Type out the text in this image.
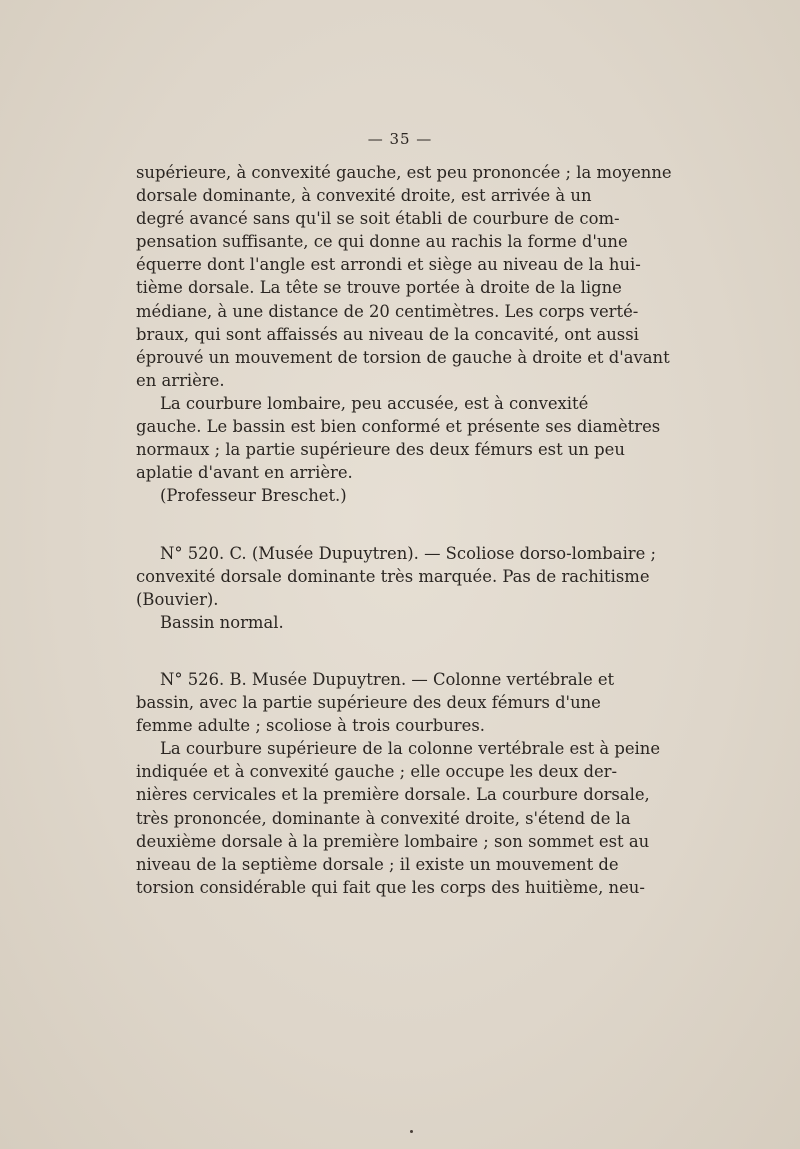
— 35 —
supérieure, à convexité gauche, est peu prononcée ; la moyenne
dorsale dominante, à convexité droite, est arrivée à un
degré avancé sans qu'il se soit établi de courbure de com-
pensation suffisante, ce qui donne au rachis la forme d'une
équerre dont l'angle est arrondi et siège au niveau de la hui-
tième dorsale. La tête se trouve portée à droite de la ligne
médiane, à une distance de 20 centimètres. Les corps verté-
braux, qui sont affaissés au niveau de la concavité, ont aussi
éprouvé un mouvement de torsion de gauche à droite et d'avant
en arrière.
La courbure lombaire, peu accusée, est à convexité
gauche. Le bassin est bien conformé et présente ses diamètres
normaux ; la partie supérieure des deux fémurs est un peu
aplatie d'avant en arrière.
(Professeur Breschet.)
N° 520. C. (Musée Dupuytren). — Scoliose dorso-lombaire ;
convexité dorsale dominante très marquée. Pas de rachitisme
(Bouvier).
Bassin normal.
N° 526. B. Musée Dupuytren. — Colonne vertébrale et
bassin, avec la partie supérieure des deux fémurs d'une
femme adulte ; scoliose à trois courbures.
La courbure supérieure de la colonne vertébrale est à peine
indiquée et à convexité gauche ; elle occupe les deux der-
nières cervicales et la première dorsale. La courbure dorsale,
très prononcée, dominante à convexité droite, s'étend de la
deuxième dorsale à la première lombaire ; son sommet est au
niveau de la septième dorsale ; il existe un mouvement de
torsion considérable qui fait que les corps des huitième, neu-
